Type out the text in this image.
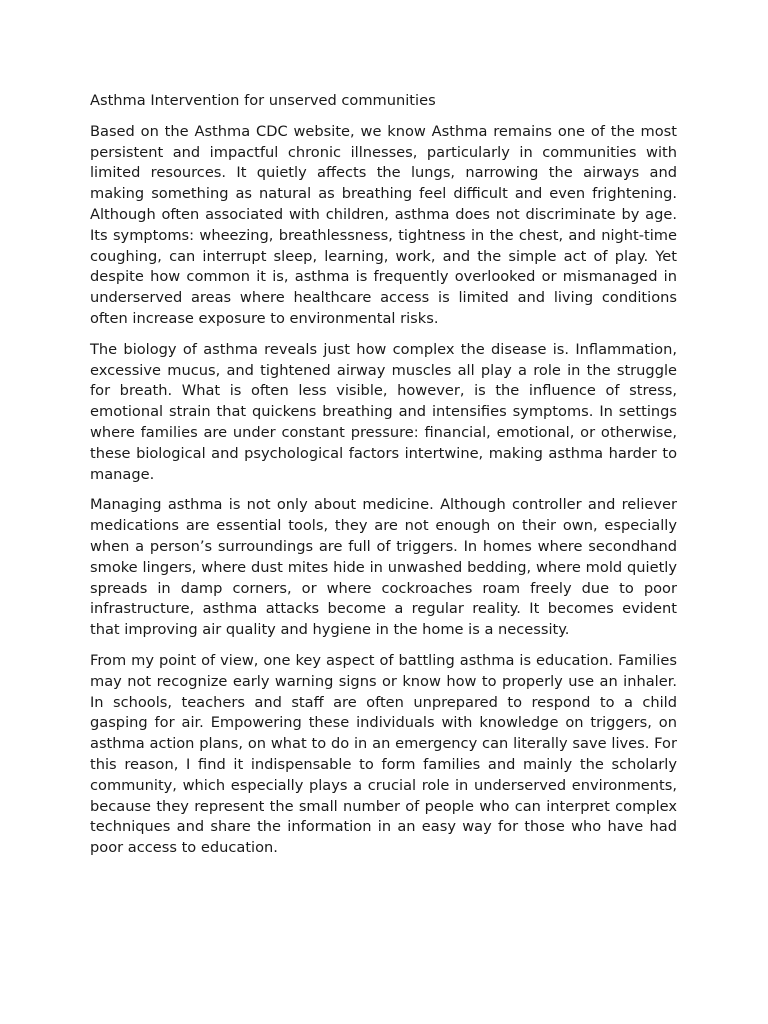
Asthma Intervention for unserved communities

Based on the Asthma CDC website, we know Asthma remains one of the most persistent and impactful chronic illnesses, particularly in communities with limited resources. It quietly affects the lungs, narrowing the airways and making something as natural as breathing feel difficult and even frightening. Although often associated with children, asthma does not discriminate by age. Its symptoms: wheezing, breathlessness, tightness in the chest, and night-time coughing, can interrupt sleep, learning, work, and the simple act of play. Yet despite how common it is, asthma is frequently overlooked or mismanaged in underserved areas where healthcare access is limited and living conditions often increase exposure to environmental risks.

The biology of asthma reveals just how complex the disease is. Inflammation, excessive mucus, and tightened airway muscles all play a role in the struggle for breath. What is often less visible, however, is the influence of stress, emotional strain that quickens breathing and intensifies symptoms. In settings where families are under constant pressure: financial, emotional, or otherwise, these biological and psychological factors intertwine, making asthma harder to manage.

Managing asthma is not only about medicine. Although controller and reliever medications are essential tools, they are not enough on their own, especially when a person’s surroundings are full of triggers. In homes where secondhand smoke lingers, where dust mites hide in unwashed bedding, where mold quietly spreads in damp corners, or where cockroaches roam freely due to poor infrastructure, asthma attacks become a regular reality. It becomes evident that improving air quality and hygiene in the home is a necessity.

From my point of view, one key aspect of battling asthma is education. Families may not recognize early warning signs or know how to properly use an inhaler. In schools, teachers and staff are often unprepared to respond to a child gasping for air. Empowering these individuals with knowledge on triggers, on asthma action plans, on what to do in an emergency can literally save lives. For this reason, I find it indispensable to form families and mainly the scholarly community, which especially plays a crucial role in underserved environments, because they represent the small number of people who can interpret complex techniques and share the information in an easy way for those who have had poor access to education.
